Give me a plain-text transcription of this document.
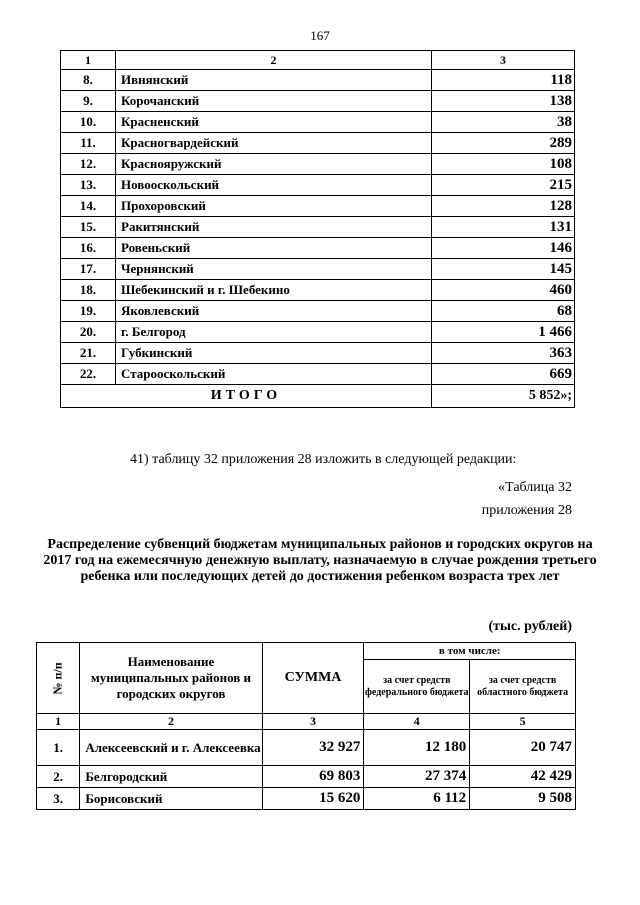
167
1	2	3
8.	Ивнянский	118
9.	Корочанский	138
10.	Красненский	38
11.	Красногвардейский	289
12.	Краснояружский	108
13.	Новооскольский	215
14.	Прохоровский	128
15.	Ракитянский	131
16.	Ровеньский	146
17.	Чернянский	145
18.	Шебекинский и г. Шебекино	460
19.	Яковлевский	68
20.	г. Белгород	1 466
21.	Губкинский	363
22.	Старооскольский	669
ИТОГО		5 852»;
41) таблицу 32 приложения 28 изложить в следующей редакции:
«Таблица 32
приложения 28
Распределение субвенций бюджетам муниципальных районов и городских округов на 2017 год на ежемесячную денежную выплату, назначаемую в случае рождения третьего ребенка или последующих детей до достижения ребенком возраста трех лет
(тыс. рублей)
№ п/п	Наименование муниципальных районов и городских округов	СУММА	в том числе:	
			за счет средств федерального бюджета	за счет средств областного бюджета
1	2	3	4	5
1.	Алексеевский и г. Алексеевка	32 927	12 180	20 747
2.	Белгородский	69 803	27 374	42 429
3.	Борисовский	15 620	6 112	9 508
